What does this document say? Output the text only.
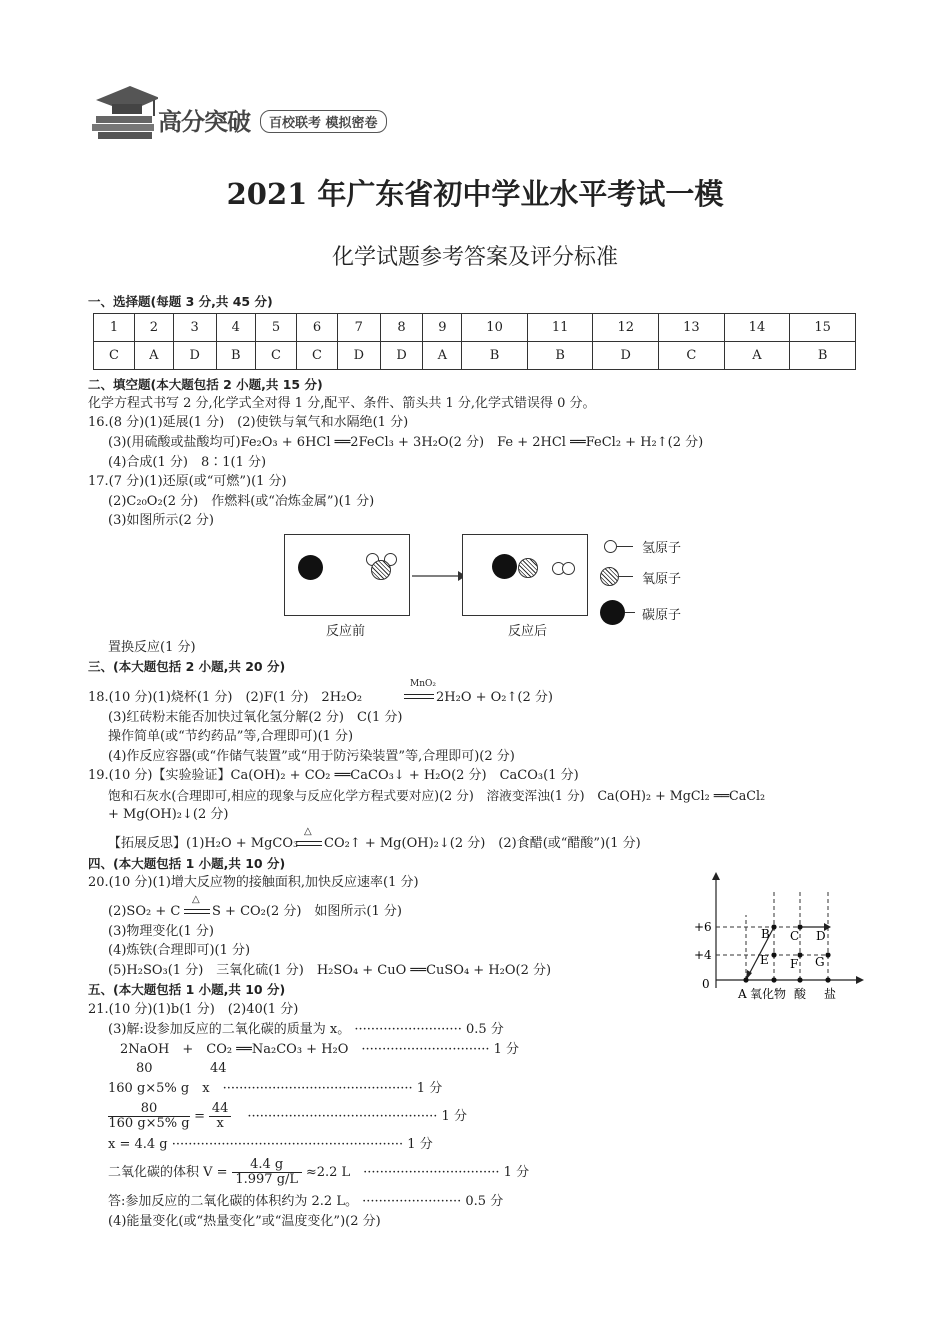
高分突破	百校联考 模拟密卷
2021 年广东省初中学业水平考试一模
化学试题参考答案及评分标准
一、选择题(每题 3 分,共 45 分)
1	2	3	4	5	6	7	8	9	10	11	12	13	14	15
C	A	D	B	C	C	D	D	A	B	B	D	C	A	B
二、填空题(本大题包括 2 小题,共 15 分)
化学方程式书写 2 分,化学式全对得 1 分,配平、条件、箭头共 1 分,化学式错误得 0 分。
16.(8 分)(1)延展(1 分)　(2)使铁与氧气和水隔绝(1 分)
(3)(用硫酸或盐酸均可)Fe₂O₃ + 6HCl ══2FeCl₃ + 3H₂O(2 分)　Fe + 2HCl ══FeCl₂ + H₂↑(2 分)
(4)合成(1 分)　8∶1(1 分)
17.(7 分)(1)还原(或“可燃”)(1 分)
(2)C₂₀O₂(2 分)　作燃料(或“冶炼金属”)(1 分)
(3)如图所示(2 分)
反应前	反应后
氢原子
氧原子
碳原子
置换反应(1 分)
三、(本大题包括 2 小题,共 20 分)
18.(10 分)(1)烧杯(1 分)　(2)F(1 分)　2H₂O₂
MnO₂
2H₂O + O₂↑(2 分)
(3)红砖粉末能否加快过氧化氢分解(2 分)　C(1 分)
操作简单(或“节约药品”等,合理即可)(1 分)
(4)作反应容器(或“作储气装置”或“用于防污染装置”等,合理即可)(2 分)
19.(10 分)【实验验证】Ca(OH)₂ + CO₂ ══CaCO₃↓ + H₂O(2 分)　CaCO₃(1 分)
饱和石灰水(合理即可,相应的现象与反应化学方程式要对应)(2 分)　溶液变浑浊(1 分)　Ca(OH)₂ + MgCl₂ ══CaCl₂
+ Mg(OH)₂↓(2 分)
【拓展反思】(1)H₂O + MgCO₃
△
CO₂↑ + Mg(OH)₂↓(2 分)　(2)食醋(或“醋酸”)(1 分)
四、(本大题包括 1 小题,共 10 分)
20.(10 分)(1)增大反应物的接触面积,加快反应速率(1 分)
(2)SO₂ + C
△
S + CO₂(2 分)　如图所示(1 分)
(3)物理变化(1 分)
(4)炼铁(合理即可)(1 分)
(5)H₂SO₃(1 分)　三氧化硫(1 分)　H₂SO₄ + CuO ══CuSO₄ + H₂O(2 分)
+6
+4
0
B C D
E F G
A 氧化物 酸 盐
五、(本大题包括 1 小题,共 10 分)
21.(10 分)(1)b(1 分)　(2)40(1 分)
(3)解:设参加反应的二氧化碳的质量为 x。 ·························· 0.5 分
2NaOH　+　CO₂ ══Na₂CO₃ + H₂O　······························· 1 分
80	44
160 g×5% g　x　·············································· 1 分
$\frac{80}{160 g\times 5\% g} = \frac{44}{x}$ ·············································· 1 分
x = 4.4 g ························································ 1 分
二氧化碳的体积 $V = \frac{4.4 g}{1.997 g/L} \approx 2.2$ L　································· 1 分
答:参加反应的二氧化碳的体积约为 2.2 L。 ························ 0.5 分
(4)能量变化(或“热量变化”或“温度变化”)(2 分)
